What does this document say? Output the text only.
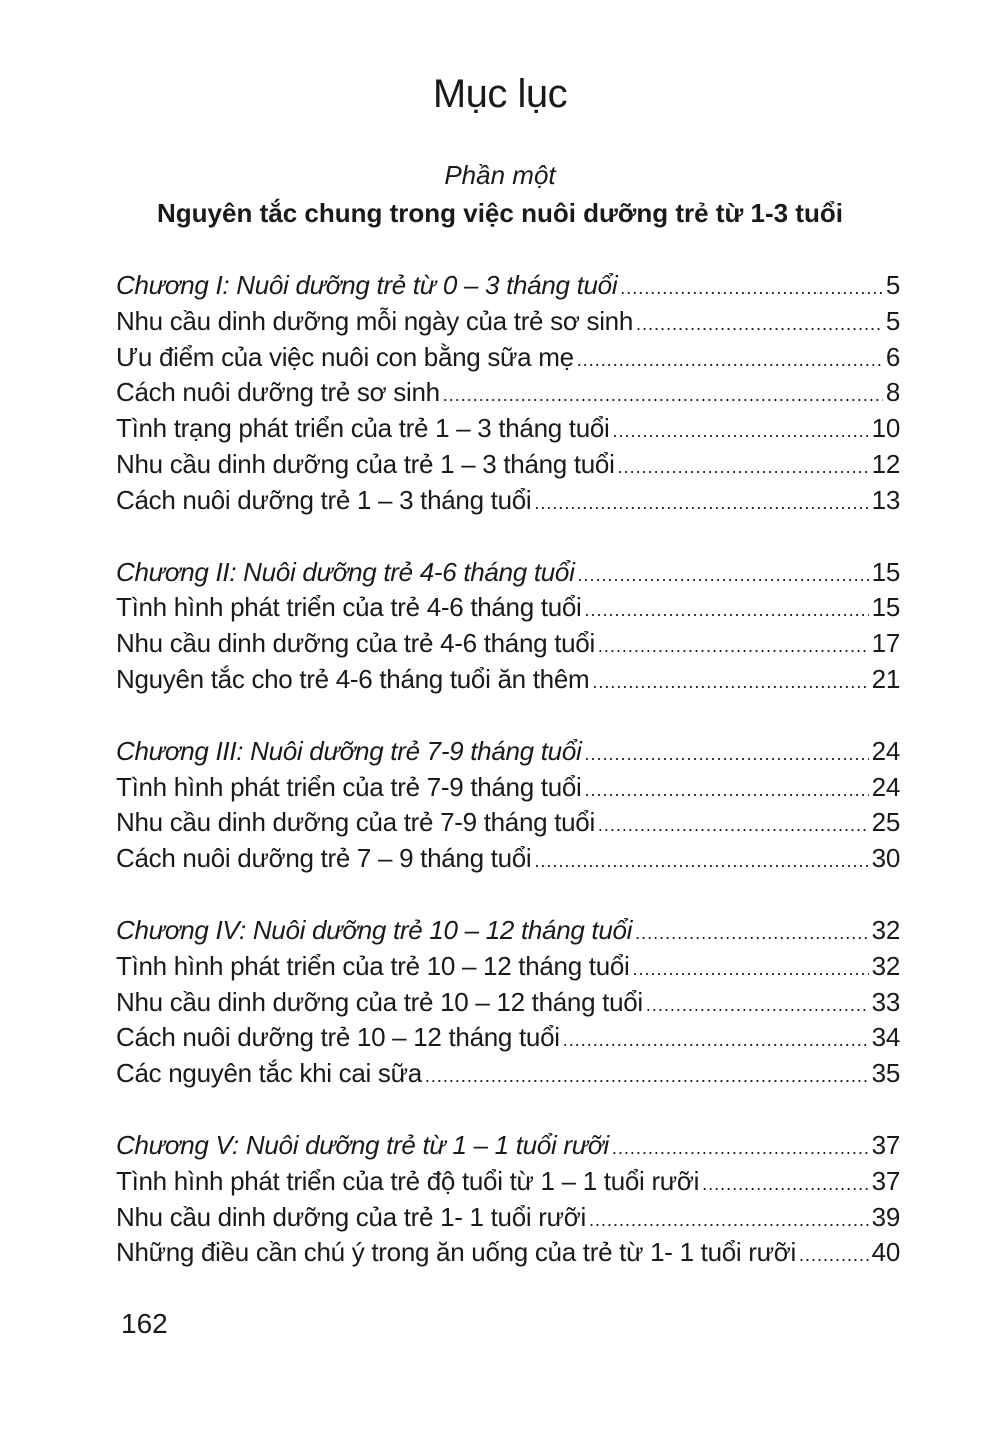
Mục lục
Phần một
Nguyên tắc chung trong việc nuôi dưỡng trẻ từ 1-3 tuổi
Chương I: Nuôi dưỡng trẻ từ 0 – 3 tháng tuổi .....	5
Nhu cầu dinh dưỡng mỗi ngày của trẻ sơ sinh .....	5
Ưu điểm của việc nuôi con bằng sữa mẹ .....	6
Cách nuôi dưỡng trẻ sơ sinh .....	8
Tình trạng phát triển của trẻ 1 – 3 tháng tuổi .....	10
Nhu cầu dinh dưỡng của trẻ 1 – 3 tháng tuổi .....	12
Cách nuôi dưỡng trẻ 1 – 3 tháng tuổi .....	13
Chương II: Nuôi dưỡng trẻ 4-6 tháng tuổi .....	15
Tình hình phát triển của trẻ 4-6 tháng tuổi .....	15
Nhu cầu dinh dưỡng của trẻ 4-6 tháng tuổi .....	17
Nguyên tắc cho trẻ 4-6 tháng tuổi ăn thêm .....	21
Chương III: Nuôi dưỡng trẻ 7-9 tháng tuổi .....	24
Tình hình phát triển của trẻ 7-9 tháng tuổi .....	24
Nhu cầu dinh dưỡng của trẻ 7-9 tháng tuổi .....	25
Cách nuôi dưỡng trẻ 7 – 9 tháng tuổi .....	30
Chương IV: Nuôi dưỡng trẻ 10 – 12 tháng tuổi .....	32
Tình hình phát triển của trẻ 10 – 12 tháng tuổi .....	32
Nhu cầu dinh dưỡng của trẻ 10 – 12 tháng tuổi .....	33
Cách nuôi dưỡng trẻ 10 – 12 tháng tuổi .....	34
Các nguyên tắc khi cai sữa .....	35
Chương V: Nuôi dưỡng trẻ từ 1 – 1 tuổi rưỡi .....	37
Tình hình phát triển của trẻ độ tuổi từ 1 – 1 tuổi rưỡi .....	37
Nhu cầu dinh dưỡng của trẻ 1- 1 tuổi rưỡi .....	39
Những điều cần chú ý trong ăn uống của trẻ từ 1- 1 tuổi rưỡi .....	40
162
